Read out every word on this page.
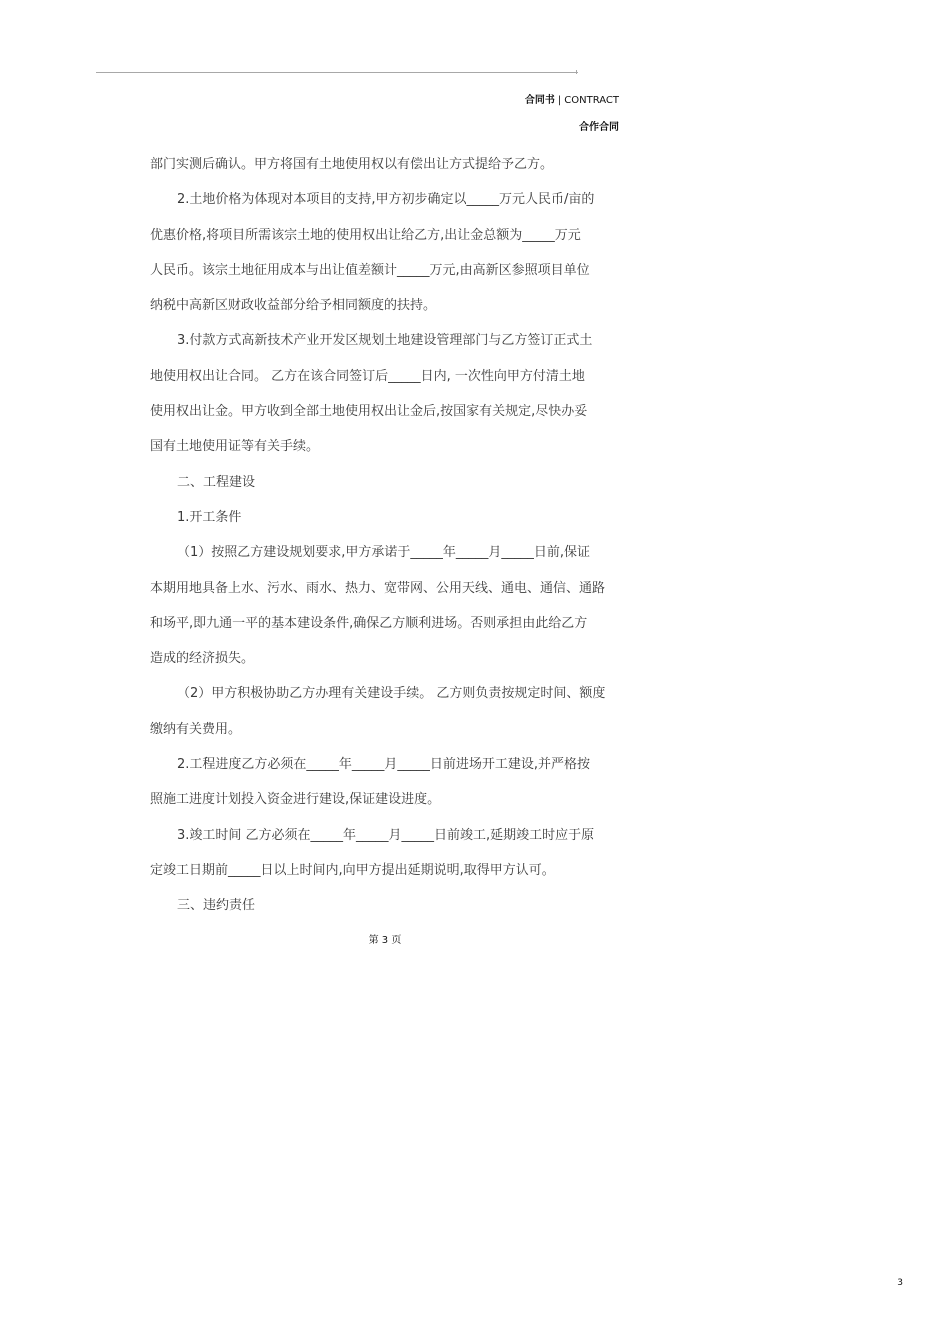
合同书 | CONTRACT
合作合同
部门实测后确认。甲方将国有土地使用权以有偿出让方式提给予乙方。
2.土地价格为体现对本项目的支持,甲方初步确定以_____万元人民币/亩的
优惠价格,将项目所需该宗土地的使用权出让给乙方,出让金总额为_____万元
人民币。该宗土地征用成本与出让值差额计_____万元,由高新区参照项目单位
纳税中高新区财政收益部分给予相同额度的扶持。
3.付款方式高新技术产业开发区规划土地建设管理部门与乙方签订正式土
地使用权出让合同。 乙方在该合同签订后_____日内, 一次性向甲方付清土地
使用权出让金。甲方收到全部土地使用权出让金后,按国家有关规定,尽快办妥
国有土地使用证等有关手续。
二、工程建设
1.开工条件
（1）按照乙方建设规划要求,甲方承诺于_____年_____月_____日前,保证
本期用地具备上水、污水、雨水、热力、宽带网、公用天线、通电、通信、通路
和场平,即九通一平的基本建设条件,确保乙方顺利进场。否则承担由此给乙方
造成的经济损失。
（2）甲方积极协助乙方办理有关建设手续。 乙方则负责按规定时间、额度
缴纳有关费用。
2.工程进度乙方必须在_____年_____月_____日前进场开工建设,并严格按
照施工进度计划投入资金进行建设,保证建设进度。
3.竣工时间 乙方必须在_____年_____月_____日前竣工,延期竣工时应于原
定竣工日期前_____日以上时间内,向甲方提出延期说明,取得甲方认可。
三、违约责任
第 3 页
3
